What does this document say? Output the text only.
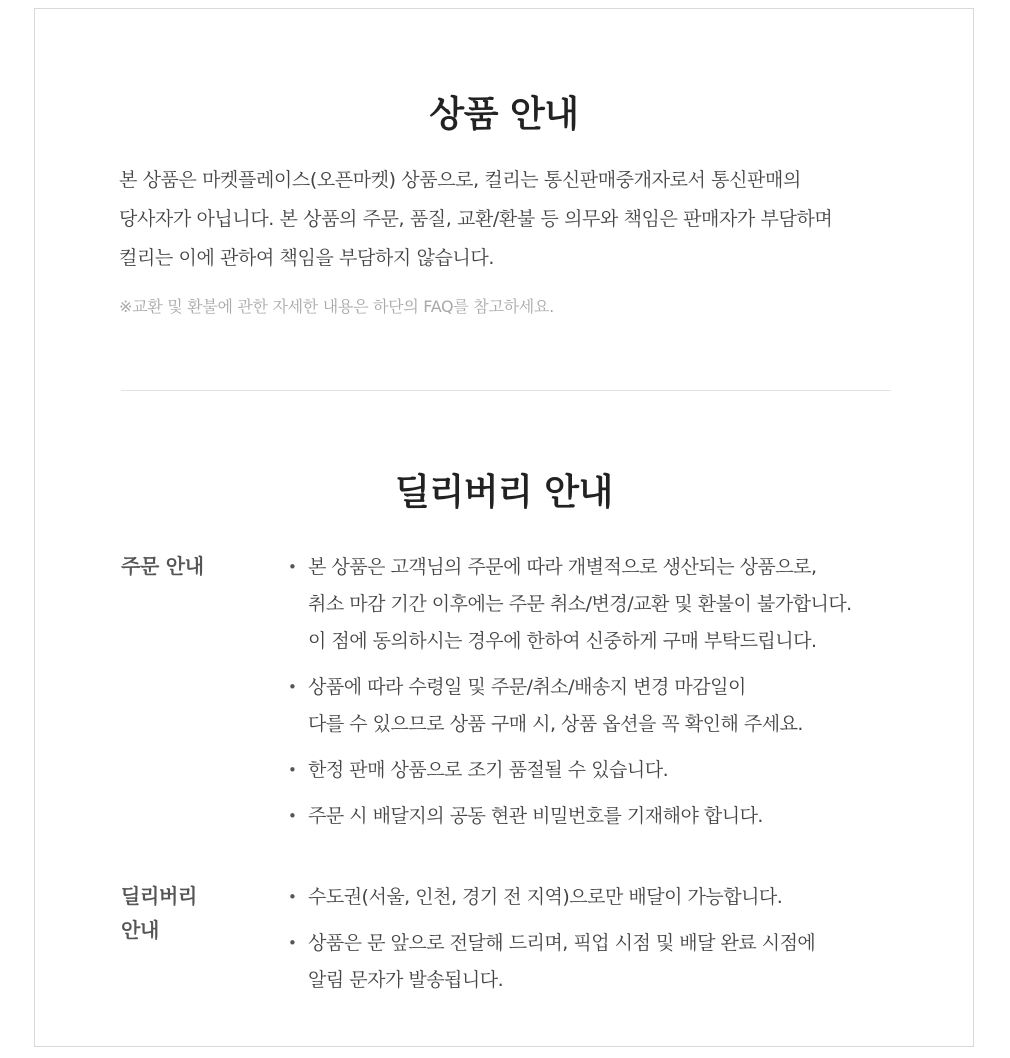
상품 안내

본 상품은 마켓플레이스(오픈마켓) 상품으로, 컬리는 통신판매중개자로서 통신판매의
당사자가 아닙니다. 본 상품의 주문, 품질, 교환/환불 등 의무와 책임은 판매자가 부담하며
컬리는 이에 관하여 책임을 부담하지 않습니다.

※교환 및 환불에 관한 자세한 내용은 하단의 FAQ를 참고하세요.

딜리버리 안내
주문 안내	• 본 상품은 고객님의 주문에 따라 개별적으로 생산되는 상품으로,
취소 마감 기간 이후에는 주문 취소/변경/교환 및 환불이 불가합니다.
이 점에 동의하시는 경우에 한하여 신중하게 구매 부탁드립니다.
• 상품에 따라 수령일 및 주문/취소/배송지 변경 마감일이
다를 수 있으므로 상품 구매 시, 상품 옵션을 꼭 확인해 주세요.
• 한정 판매 상품으로 조기 품절될 수 있습니다.
• 주문 시 배달지의 공동 현관 비밀번호를 기재해야 합니다.
딜리버리
안내
• 수도권(서울, 인천, 경기 전 지역)으로만 배달이 가능합니다.
• 상품은 문 앞으로 전달해 드리며, 픽업 시점 및 배달 완료 시점에
알림 문자가 발송됩니다.
